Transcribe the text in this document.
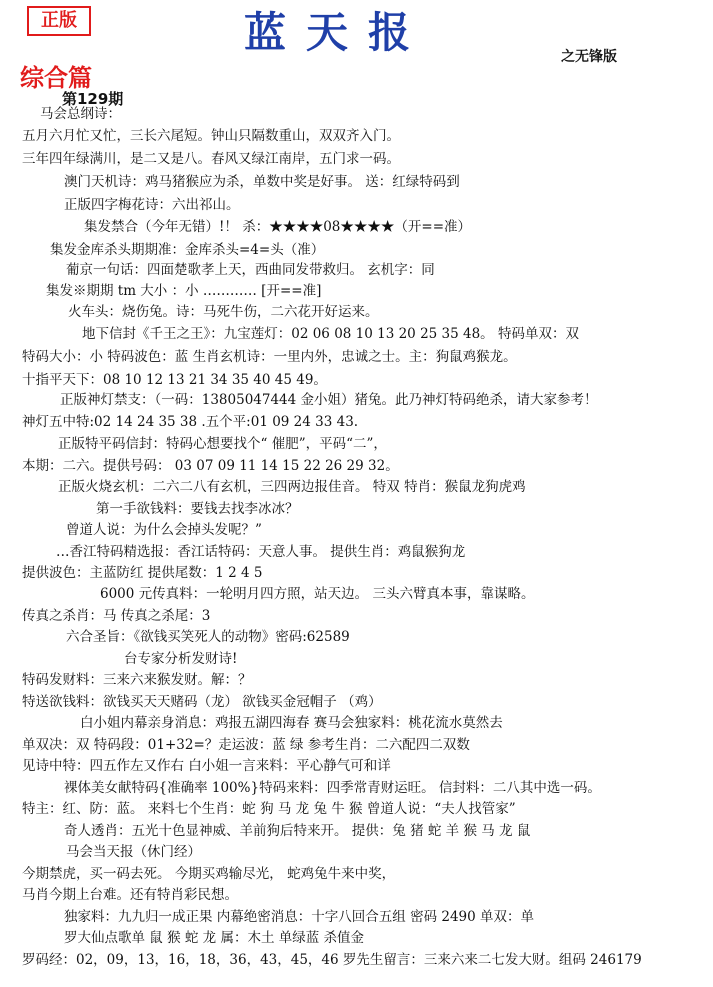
正版	蓝天报	之无锋版
综合篇
第129期
马会总纲诗：
五月六月忙又忙，三长六尾短。钟山只隔数重山，双双齐入门。
三年四年绿满川，是二又是八。春风又绿江南岸，五门求一码。
澳门天机诗：鸡马猪猴应为杀，单数中奖是好事。 送：红绿特码到
正版四字梅花诗：六出祁山。
集发禁合（今年无错）!！ 杀：★★★★08★★★★（开==准）
集发金库杀头期期准：金库杀头=4=头（准）
葡京一句话：四面楚歌孝上天，西曲同发带救归。 玄机字：同
集发※期期 tm 大小 ：小 ………… [开==准]
火车头：烧伤兔。诗：马死牛伤，二六花开好运来。
地下信封《千王之王》：九宝莲灯：02 06 08 10 13 20 25 35 48。 特码单双：双
特码大小：小 特码波色：蓝 生肖玄机诗：一里内外，忠诚之士。主：狗鼠鸡猴龙。
十指平天下：08 10 12 13 21 34 35 40 45 49。
正版神灯禁支：（一码：13805047444 金小姐）猪兔。此乃神灯特码绝杀，请大家参考！
神灯五中特:02 14 24 35 38 .五个平:01 09 24 33 43.
正版特平码信封：特码心想要找个“ 催肥”，平码“二”，
本期：二六。提供号码： 03 07 09 11 14 15 22 26 29 32。
正版火烧玄机：二六二八有玄机，三四两边报佳音。 特双 特肖：猴鼠龙狗虎鸡
第一手欲钱料：要钱去找李冰冰？
曾道人说：为什么会掉头发呢？”
…香江特码精选报：香江话特码：天意人事。 提供生肖：鸡鼠猴狗龙
提供波色：主蓝防红 提供尾数：1 2 4 5
6000 元传真料：一轮明月四方照，站天边。 三头六臂真本事，靠谋略。
传真之杀肖：马 传真之杀尾：3
六合圣旨：《欲钱买笑死人的动物》密码:62589
台专家分析发财诗!
特码发财料：三来六来猴发财。解：？
特送欲钱料：欲钱买天天赌码（龙） 欲钱买金冠帽子 （鸡）
白小姐内幕亲身消息：鸡报五湖四海春 赛马会独家料：桃花流水莫然去
单双决：双 特码段：01+32=？走运波：蓝 绿 参考生肖：二六配四二双数
见诗中特：四五作左又作右 白小姐一言来料：平心静气可和详
裸体美女献特码{准确率 100%}特码来料：四季常青财运旺。 信封料：二八其中选一码。
特主：红、防：蓝。 来料七个生肖：蛇 狗 马 龙 兔 牛 猴 曾道人说：“夫人找管家”
奇人透肖：五光十色显神威、羊前狗后特来开。 提供：兔 猪 蛇 羊 猴 马 龙 鼠
马会当天报（休门经）
今期禁虎，买一码去死。 今期买鸡输尽光， 蛇鸡兔牛来中奖，
马肖今期上台难。还有特肖彩民想。
独家料：九九归一成正果 内幕绝密消息：十字八回合五组 密码 2490 单双：单
罗大仙点歌单 鼠 猴 蛇 龙 属：木土 单绿蓝 杀值金
罗码经：02，09，13，16，18，36，43，45，46 罗先生留言：三来六来二七发大财。组码 246179
